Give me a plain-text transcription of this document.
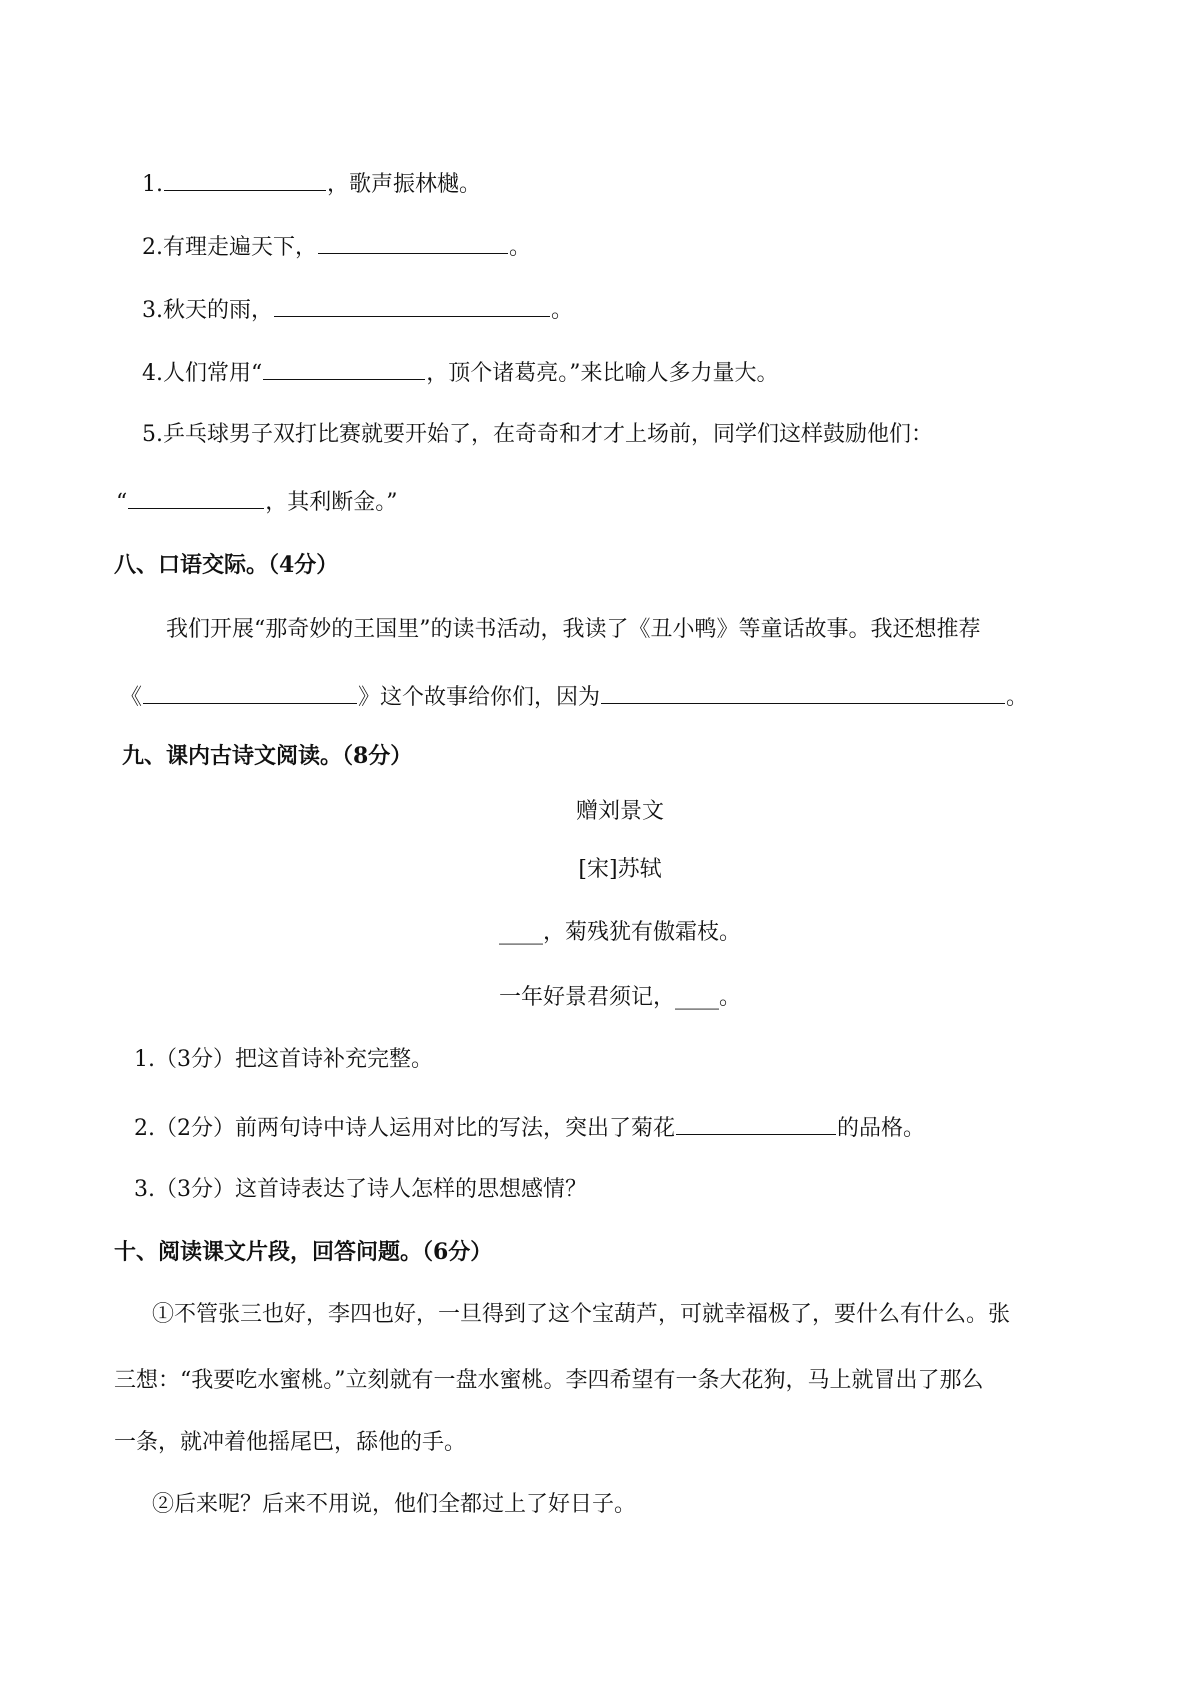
1.	，歌声振林樾。
2.有理走遍天下，	。
3.秋天的雨，	。
4.人们常用“	，顶个诸葛亮。”来比喻人多力量大。
5.乒乓球男子双打比赛就要开始了，在奇奇和才才上场前，同学们这样鼓励他们：
“	，其利断金。”
八、口语交际。（4分）
我们开展“那奇妙的王国里”的读书活动，我读了《丑小鸭》等童话故事。我还想推荐
《	》这个故事给你们，因为	。
九、课内古诗文阅读。（8分）
赠刘景文
[宋]苏轼
____，菊残犹有傲霜枝。
一年好景君须记，____。
1.（3分）把这首诗补充完整。
2.（2分）前两句诗中诗人运用对比的写法，突出了菊花	的品格。
3.（3分）这首诗表达了诗人怎样的思想感情？
十、阅读课文片段，回答问题。（6分）
①不管张三也好，李四也好，一旦得到了这个宝葫芦，可就幸福极了，要什么有什么。张
三想：“我要吃水蜜桃。”立刻就有一盘水蜜桃。李四希望有一条大花狗，马上就冒出了那么
一条，就冲着他摇尾巴，舔他的手。
②后来呢？后来不用说，他们全都过上了好日子。
